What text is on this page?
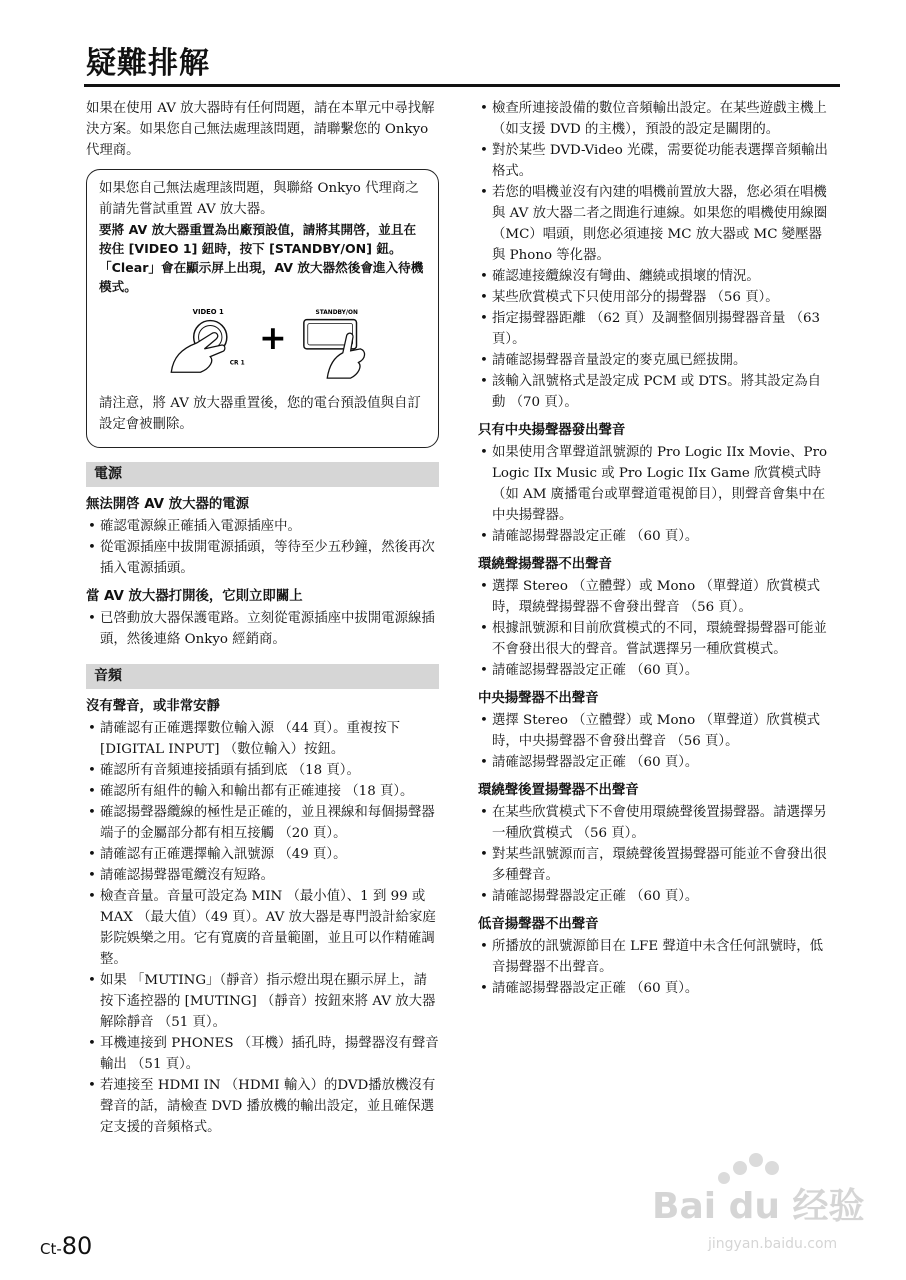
疑難排解

如果在使用 AV 放大器時有任何問題，請在本單元中尋找解決方案。如果您自己無法處理該問題，請聯繫您的 Onkyo 代理商。

如果您自己無法處理該問題，與聯絡 Onkyo 代理商之前請先嘗試重置 AV 放大器。

要將 AV 放大器重置為出廠預設值，請將其開啓，並且在按住 [VIDEO 1] 鈕時，按下 [STANDBY/ON] 鈕。「Clear」會在顯示屏上出現，AV 放大器然後會進入待機模式。

VIDEO 1
CR 1
+
STANDBY/ON

請注意，將 AV 放大器重置後，您的電台預設值與自訂設定會被刪除。

電源
無法開啓 AV 放大器的電源
• 確認電源線正確插入電源插座中。
• 從電源插座中拔開電源插頭，等待至少五秒鐘，然後再次插入電源插頭。
當 AV 放大器打開後，它則立即關上
• 已啓動放大器保護電路。立刻從電源插座中拔開電源線插頭，然後連絡 Onkyo 經銷商。
音頻
沒有聲音，或非常安靜
• 請確認有正確選擇數位輸入源 （44 頁）。重複按下 [DIGITAL INPUT] （數位輸入）按鈕。
• 確認所有音頻連接插頭有插到底 （18 頁）。
• 確認所有組件的輸入和輸出都有正確連接 （18 頁）。
• 確認揚聲器纜線的極性是正確的，並且裸線和每個揚聲器端子的金屬部分都有相互接觸 （20 頁）。
• 請確認有正確選擇輸入訊號源 （49 頁）。
• 請確認揚聲器電纜沒有短路。
• 檢查音量。音量可設定為 MIN （最小值）、1 到 99 或 MAX （最大值）（49 頁）。AV 放大器是專門設計給家庭影院娛樂之用。它有寬廣的音量範圍，並且可以作精確調整。
• 如果 「MUTING」（靜音）指示燈出現在顯示屏上，請按下遙控器的 [MUTING] （靜音）按鈕來將 AV 放大器解除靜音 （51 頁）。
• 耳機連接到 PHONES （耳機）插孔時，揚聲器沒有聲音輸出 （51 頁）。
• 若連接至 HDMI IN （HDMI 輸入）的DVD播放機沒有聲音的話，請檢查 DVD 播放機的輸出設定，並且確保選定支援的音頻格式。
• 檢查所連接設備的數位音頻輸出設定。在某些遊戲主機上 （如支援 DVD 的主機），預設的設定是關閉的。
• 對於某些 DVD-Video 光碟，需要從功能表選擇音頻輸出格式。
• 若您的唱機並沒有內建的唱機前置放大器，您必須在唱機與 AV 放大器二者之間進行連線。如果您的唱機使用線圈 （MC）唱頭，則您必須連接 MC 放大器或 MC 變壓器與 Phono 等化器。
• 確認連接纜線沒有彎曲、纏繞或損壞的情況。
• 某些欣賞模式下只使用部分的揚聲器 （56 頁）。
• 指定揚聲器距離 （62 頁）及調整個別揚聲器音量 （63 頁）。
• 請確認揚聲器音量設定的麥克風已經拔開。
• 該輸入訊號格式是設定成 PCM 或 DTS。將其設定為自動 （70 頁）。
只有中央揚聲器發出聲音
• 如果使用含單聲道訊號源的 Pro Logic IIx Movie、Pro Logic IIx Music 或 Pro Logic IIx Game 欣賞模式時 （如 AM 廣播電台或單聲道電視節目），則聲音會集中在中央揚聲器。
• 請確認揚聲器設定正確 （60 頁）。
環繞聲揚聲器不出聲音
• 選擇 Stereo （立體聲）或 Mono （單聲道）欣賞模式時，環繞聲揚聲器不會發出聲音 （56 頁）。
• 根據訊號源和目前欣賞模式的不同，環繞聲揚聲器可能並不會發出很大的聲音。嘗試選擇另一種欣賞模式。
• 請確認揚聲器設定正確 （60 頁）。
中央揚聲器不出聲音
• 選擇 Stereo （立體聲）或 Mono （單聲道）欣賞模式時，中央揚聲器不會發出聲音 （56 頁）。
• 請確認揚聲器設定正確 （60 頁）。
環繞聲後置揚聲器不出聲音
• 在某些欣賞模式下不會使用環繞聲後置揚聲器。請選擇另一種欣賞模式 （56 頁）。
• 對某些訊號源而言，環繞聲後置揚聲器可能並不會發出很多種聲音。
• 請確認揚聲器設定正確 （60 頁）。
低音揚聲器不出聲音
• 所播放的訊號源節目在 LFE 聲道中未含任何訊號時，低音揚聲器不出聲音。
• 請確認揚聲器設定正確 （60 頁）。
Ct-80
Bai du 经验
jingyan.baidu.com
